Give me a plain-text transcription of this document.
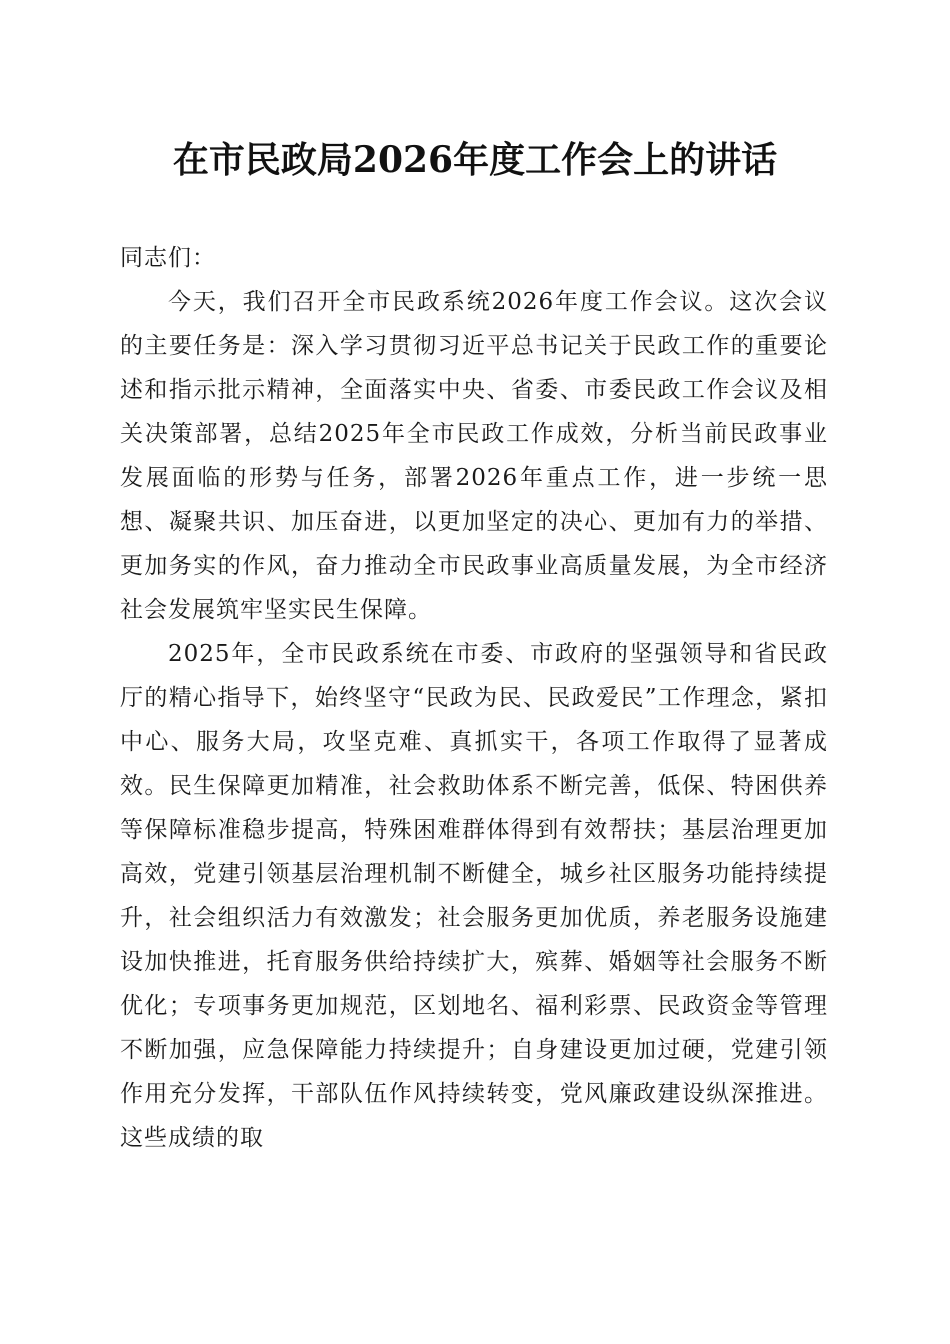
在市民政局2026年度工作会上的讲话

同志们：

今天，我们召开全市民政系统2026年度工作会议。这次会议的主要任务是：深入学习贯彻习近平总书记关于民政工作的重要论述和指示批示精神，全面落实中央、省委、市委民政工作会议及相关决策部署，总结2025年全市民政工作成效，分析当前民政事业发展面临的形势与任务，部署2026年重点工作，进一步统一思想、凝聚共识、加压奋进，以更加坚定的决心、更加有力的举措、更加务实的作风，奋力推动全市民政事业高质量发展，为全市经济社会发展筑牢坚实民生保障。

2025年，全市民政系统在市委、市政府的坚强领导和省民政厅的精心指导下，始终坚守“民政为民、民政爱民”工作理念，紧扣中心、服务大局，攻坚克难、真抓实干，各项工作取得了显著成效。民生保障更加精准，社会救助体系不断完善，低保、特困供养等保障标准稳步提高，特殊困难群体得到有效帮扶；基层治理更加高效，党建引领基层治理机制不断健全，城乡社区服务功能持续提升，社会组织活力有效激发；社会服务更加优质，养老服务设施建设加快推进，托育服务供给持续扩大，殡葬、婚姻等社会服务不断优化；专项事务更加规范，区划地名、福利彩票、民政资金等管理不断加强，应急保障能力持续提升；自身建设更加过硬，党建引领作用充分发挥，干部队伍作风持续转变，党风廉政建设纵深推进。这些成绩的取
